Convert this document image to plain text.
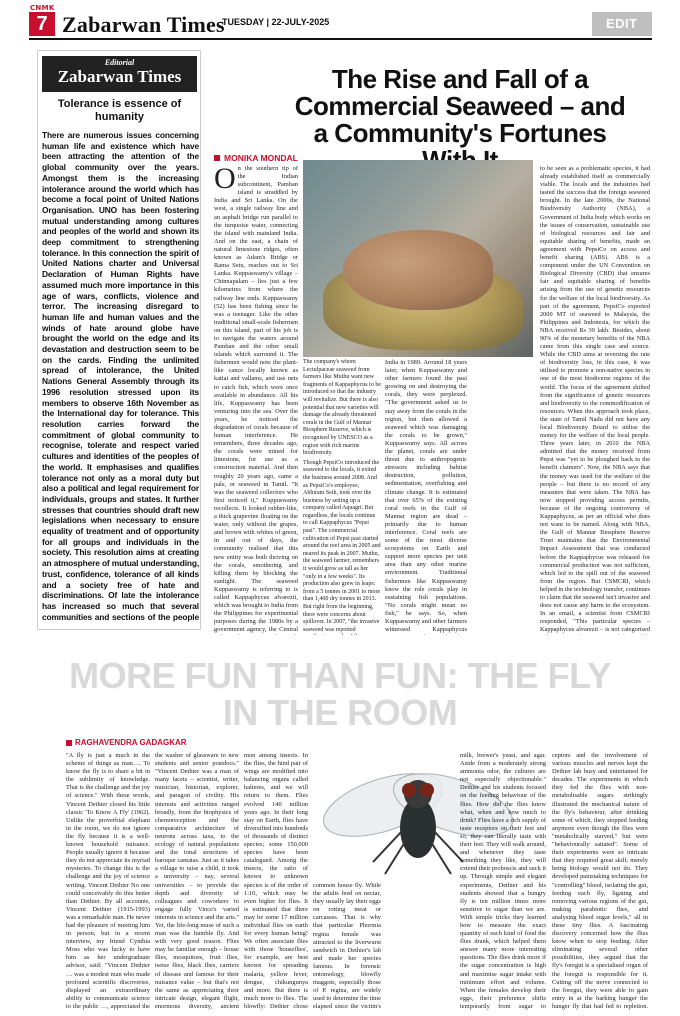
CNMK
7 Zabarwan Times
TUESDAY | 22-JULY-2025	EDIT
Editorial
Zabarwan Times
Tolerance is essence of humanity
There are numerous issues concerning human life and existence which have been attracting the attention of the global community over the years. Amongst them is the increasing intolerance around the world which has become a focal point of United Nations Organisation. UNO has been fostering mutual understanding among cultures and peoples of the world and shown its deep commitment to strengthening tolerance. In this connection the spirit of United Nations charter and Universal Declaration of Human Rights have assumed much more importance in this age of wars, conflicts, violence and terror. The increasing disregard to human life and human values and the winds of hate around globe have brought the world on the edge and its devastation and destruction seem to be on the cards. Finding the unlimited spread of intolerance, the United Nations General Assembly through its 1996 resolution stressed upon its members to observe 16th November as the International day for tolerance. This resolution carries forward the commitment of global community to recognise, tolerate and respect varied cultures and identities of the peoples of the world. It emphasises and qualifies tolerance not only as a moral duty but also a political and legal requirement for individuals, groups and states. It further stresses that countries should draft new legislations when necessary to ensure equality of treatment and of opportunity for all groups and individuals in the society. This resolution aims at creating an atmosphere of mutual understanding, trust, confidence, tolerance of all kinds and a society free of hate and discriminations. Of late the intolerance has increased so much that several communities and sections of the people
The Rise and Fall of a Commercial Seaweed – and a Community's Fortunes
MONIKA MONDAL
On the southern tip of the Indian subcontinent, Pamban island is straddled by India and Sri Lanka. On the west, a single railway line and an asphalt bridge run parallel to the turquoise water, connecting the island with mainland India. And on the east, a chain of natural limestone ridges, often known as Adam's Bridge or Rama Setu, reaches out to Sri Lanka. Kuppaswamy's village – Chinnapalam – lies just a few kilometres from where the railway line ends. Kuppaswamy (52) has been fishing since he was a teenager. Like the other traditional small-scale fishermen on this island, part of his job is to navigate the waters around Pamban and the other small islands which surround it. The fishermen would note the plant-like cance locally known as kattai and vallams, and use nets to catch fish, which were once available in abundance. All his life, Kuppaswamy has been venturing into the sea. Over the years, he noticed the degradation of corals because of human interference. He remembers, three decades ago, the corals were mined for limestone, for use as a construction material. And then roughly 20 years ago, came a pale, or seaweed in Tamil. "It was the seaweed collectors who first noticed it," Kuppuswamy recollects. It looked rubber-like, a thick grapevine floating on the water, only without the grapes, and brown with whites of green, in and out of days, the community realised that this new entity was both thriving on the corals, smothering and killing them by blocking the sunlight. The seaweed Kuppaswamy is referring to is called Kappaphycus alvarezii, which was brought to India from the Philippines for experimental purposes during the 1980s by a government agency, the Central
The company's whom Lectulpaceae seaweed from farmers like Muthu want new fragments of Kappaphycus to be introduced so that the industry will revitalize. But there is also potential that new varieties will damage the already threatened corals in the Gulf of Mannar Biosphere Reserve, which is recognised by UNESCO as a region with rich marine biodiversity.
Though PepsiCo introduced the seaweed to the locals, it exited the business around 2008. And as PepsiCo's employee, Abhiram Seth, took over the business by setting up a company called Aquagri. But regardless, the locals continue to call Kappaphycus "Pepsi pasi". The commercial cultivation of Pepsi pasi started around the reef area in 2005 and neared its peak in 2007. Muthu, the seaweed farmer, remembers it would grow as tall as her "only in a few weeks". Its production also grew in leaps: from a 5 tonnes in 2001 to more than 1,400 dry tonnes in 2013. But right from the beginning, there were concerns about spillover. In 2007, "the invasive seaweed was reported
India in 1989. Around 18 years later, when Kuppaswamy and other farmers found the pasi growing on and destroying the corals, they were perplexed. "The government asked us to stay away from the corals in the region, but then allowed a seaweed which was damaging the corals to be grown," Kuppaswamy says. All across the planet, corals are under threat due to anthropogenic stressors including habitat destruction, pollution, sedimentation, overfishing and climate change. It is estimated that over 65% of the existing coral reefs in the Gulf of Mannar region are dead – primarily due to human interference. Coral reefs are some of the most diverse ecosystems on Earth and support more species per unit area than any other marine environment. Traditional fishermen like Kuppaswamy know the role corals play in sustaining fish populations. "No corals might mean no fish," he says. So, when Kuppaswamy and other farmers witnessed Kappaphycus
to be seen as a problematic species, it had already established itself as commercially viable. The locals and the industries had tasted the success that the foreign seaweed brought. In the late 2000s, the National Biodiversity Authority (NBA), a Government of India body which works on the issues of conservation, sustainable use of biological resources and fair and equitable sharing of benefits, made an agreement with PepsiCo on access and benefit sharing (ABS). ABS is a component under the UN Convention on Biological Diversity (CBD) that ensures fair and equitable sharing of benefits arising from the use of genetic resources for the welfare of the local biodiversity. As part of the agreement, PepsiCo exported 2000 MT of seaweed to Malaysia, the Philippines and Indonesia, for which the NBA received Rs 39 lakh. Besides, about 90% of the monetary benefits of the NBA came from this single case and source. While the CBD aims at reversing the rate of biodiversity loss, in this case, it was utilised to promote a non-native species in one of the most biodiverse regions of the world. The focus of the agreement shifted from the significance of genetic resources and biodiversity to the commodification of resources. When this approach took place, the state of Tamil Nadu did not have any local Biodiversity Board to utilise the money for the welfare of the local people. Three years later, in 2010 the NBA admitted that the money received from Pepsi was "yet to be ploughed back to the benefit claimers". Now, the NBA says that the money was used for the welfare of the people – but there is no record of any measures that were taken. The NBA has now stopped providing access permits, because of the ongoing controversy of Kappaphycus, as per an official who does not want to be named. Along with NBA, the Gulf of Mannar Biosphere Reserve Trust maintains that the Environmental Impact Assessment that was conducted before the Kappaphycus was released for commercial production was not sufficient, which led to the spill out of the seaweed from the region. But CSMCRI, which helped in the technology transfer, continues to claim that the seaweed isn't invasive and does not cause any harm to the ecosystem. In an email, a scientist from CSMCRI responded, "This particular species – Kappaphycus alvarezii – is not categorised
MORE FUN THAN FUN: THE FLY IN THE ROOM
RAGHAVENDRA GADAGKAR
"A fly is just a much in the scheme of things as man…. To know the fly is to share a bit in the sublimity of knowledge. That is the challenge and the joy of science." With these words, Vincent Dethier closed his little classic 'To Know A Fly' (1962). Unlike the proverbial elephant in the room, we do not ignore the fly because it is a well-known household nuisance. People usually ignore it because they do not appreciate its myriad mysteries. To change this is the challenge and the joy of science writing. Vincent Dethier No one could conceivably do this better than Dethier. By all accounts, Vincent Dethier (1915-1993) was a remarkable man. He never had the pleasure of meeting him in person, but in a recent interview, my friend Cynthia Moss who was lucky to have him as her undergraduate advisor, said: "Vincent Dethier … was a modest man who made profound scientific discoveries, displayed an extraordinary ability to communicate science to the public …, appreciated the
the washer of glassware to new students and senior postdocs." "Vincent Dethier was a man of many facets – scientist, writer, musician, historian, explorer, and paragon of civility. His interests and activities ranged broadly, from the biophysics of chemoreception and the comparative architecture of neurons across taxa, to the ecology of natural populations and the tonal structures of baroque cantatas. Just as it takes a village to raise a child, it took a university – nay, several universities – to provide the depth and diversity of colleagues and coworkers to engage fully Vince's varied interests in science and the arts." Yet, the life-long muse of such a man was the humble fly. And with very good reason. Flies may be familiar enough – house flies, mosquitoes, fruit flies, tsetse flies, black flies, carriers of disease and famous for their nuisance value – but that's not the same as appreciating their intricate design, elegant flight, enormous diversity, ancient
mon among insects. In the flies, the hind pair of wings are modified into balancing organs called halteres, and we will return to them. Flies evolved 140 million years ago. In their long stay on Earth, flies have diversified into hundreds of thousands of distinct species; some 150,000 species have been catalogued. Among the insects, the ratio of known to unknown species is of the order of 1:10, which may be even higher for flies. It is estimated that there may be some 17 million individual flies on earth for every human being! We often associate flies with those 'houseflies', for example, are best known for spreading malaria, yellow fever, dengue, chikungunya and more. But there is much more to flies. The blowfly: Dethier chose
common house fly. While the adults feed on nectar, they usually lay their eggs on rotting meat or carcasses. That is why that particular Phormia regina female was attracted to the liverwurst sandwich in Dethier's lab and made her species famous. In forensic entomology, blowfly maggots, especially those of P. regina, are widely used to determine the time elapsed since the victim's
milk, brewer's yeast, and agar. Aside from a moderately strong ammonia odor, the cultures are not especially objectionable." Dethier and his students focused on the feeding behaviour of the flies. How did the flies know what, when and how much to drink? Flies have a rich supply of taste receptors on their feet and so, they can literally taste with their feet. They will walk around, and whenever they taste something they like, they will extend their proboscis and suck it up. Through simple and elegant experiments, Dethier and his students showed that a hungry fly is ten million times more sensitive to sugar than we are. With simple tricks they learned how to measure the exact quantity of each kind of food the flies drank, which helped them answer many more interesting questions. The flies drink more if the sugar concentration is high and maximise sugar intake with minimum effort and volume. When the females develop their eggs, their preference shifts temporarily from sugar to
ceptors and the involvement of various muscles and nerves kept the Dethier lab busy and entertained for decades. The experiments in which they fed the flies with non-metabolisable sugars strikingly illustrated the mechanical nature of the fly's behaviour, after drinking some of which, they stopped feeding anymore even though the flies were "metabolically starved," but were "behaviourally satiated". Some of their experiments were so intricate that they required great skill; merely being biology would not do. They developed painstaking techniques for "controlling" blood, isolating the gut, feeding each fly, ligating and removing various regions of the gut, making parabiotic flies, and analysing blood sugar levels," all in these tiny flies. A fascinating discovery concerned how the flies know when to stop feeding. After eliminating several other possibilities, they argued that the fly's foregut is a specialised organ of the foregut is responsible for it. Cutting off the nerve connected to the foregut, they were able to gain entry in at the barking hunger the hunger fly that had fed to repletion.
